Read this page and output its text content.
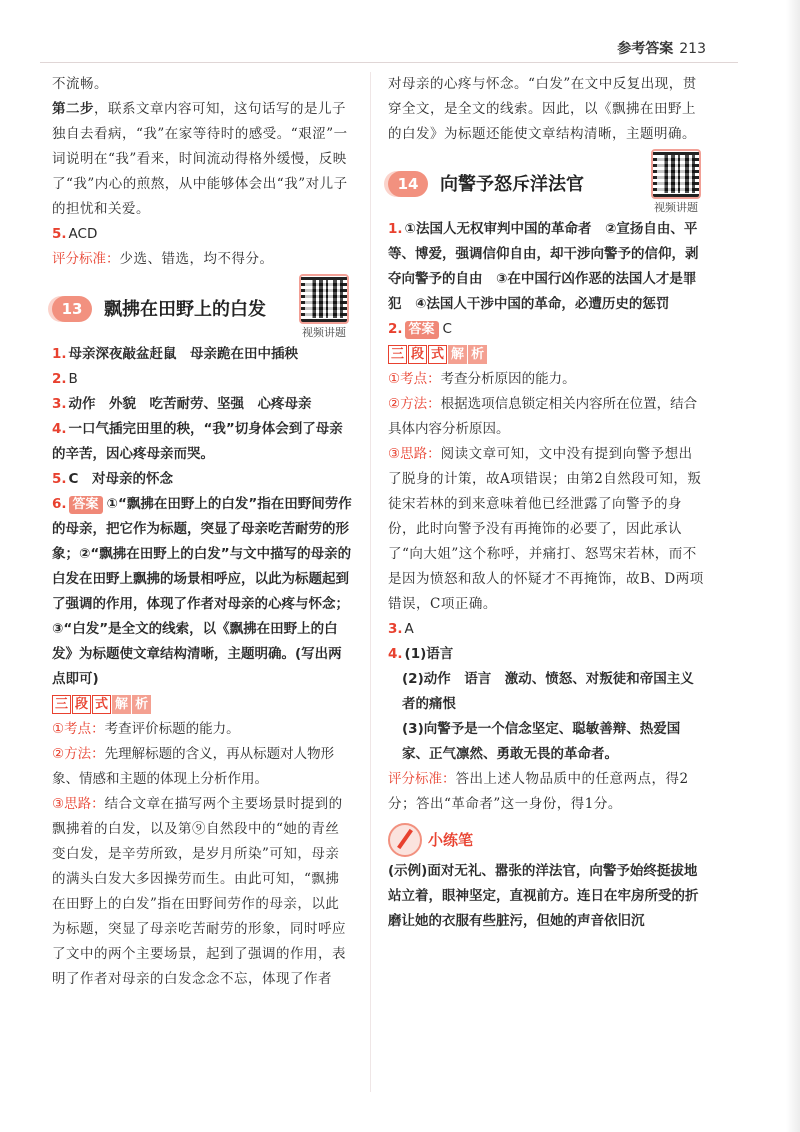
参考答案 213

不流畅。

第二步，联系文章内容可知，这句话写的是儿子独自去看病，“我”在家等待时的感受。“艰涩”一词说明在“我”看来，时间流动得格外缓慢，反映了“我”内心的煎熬，从中能够体会出“我”对儿子的担忧和关爱。

5. ACD

评分标准：少选、错选，均不得分。

13	飘拂在田野上的白发
视频讲题

1. 母亲深夜敲盆赶鼠　母亲跪在田中插秧

2. B

3. 动作　外貌　吃苦耐劳、坚强　心疼母亲

4. 一口气插完田里的秧，“我”切身体会到了母亲的辛苦，因心疼母亲而哭。

5. C　对母亲的怀念

6. 答案 ①“飘拂在田野上的白发”指在田野间劳作的母亲，把它作为标题，突显了母亲吃苦耐劳的形象；②“飘拂在田野上的白发”与文中描写的母亲的白发在田野上飘拂的场景相呼应，以此为标题起到了强调的作用，体现了作者对母亲的心疼与怀念；③“白发”是全文的线索，以《飘拂在田野上的白发》为标题使文章结构清晰，主题明确。(写出两点即可)

三 段 式 解 析

①考点：考查评价标题的能力。

②方法：先理解标题的含义，再从标题对人物形象、情感和主题的体现上分析作用。

③思路：结合文章在描写两个主要场景时提到的飘拂着的白发，以及第⑨自然段中的“她的青丝变白发，是辛劳所致，是岁月所染”可知，母亲的满头白发大多因操劳而生。由此可知，“飘拂在田野上的白发”指在田野间劳作的母亲，以此为标题，突显了母亲吃苦耐劳的形象，同时呼应了文中的两个主要场景，起到了强调的作用，表明了作者对母亲的白发念念不忘，体现了作者

对母亲的心疼与怀念。“白发”在文中反复出现，贯穿全文，是全文的线索。因此，以《飘拂在田野上的白发》为标题还能使文章结构清晰，主题明确。

14	向警予怒斥洋法官
视频讲题

1. ①法国人无权审判中国的革命者　②宣扬自由、平等、博爱，强调信仰自由，却干涉向警予的信仰，剥夺向警予的自由　③在中国行凶作恶的法国人才是罪犯　④法国人干涉中国的革命，必遭历史的惩罚

2. 答案 C

三 段 式 解 析

①考点：考查分析原因的能力。

②方法：根据选项信息锁定相关内容所在位置，结合具体内容分析原因。

③思路：阅读文章可知，文中没有提到向警予想出了脱身的计策，故A项错误；由第2自然段可知，叛徒宋若林的到来意味着他已经泄露了向警予的身份，此时向警予没有再掩饰的必要了，因此承认了“向大姐”这个称呼，并痛打、怒骂宋若林，而不是因为愤怒和敌人的怀疑才不再掩饰，故B、D两项错误，C项正确。

3. A

4. (1)语言

(2)动作　语言　激动、愤怒、对叛徒和帝国主义者的痛恨

(3)向警予是一个信念坚定、聪敏善辩、热爱国家、正气凛然、勇敢无畏的革命者。

评分标准：答出上述人物品质中的任意两点，得2分；答出“革命者”这一身份，得1分。

小练笔

(示例)面对无礼、嚣张的洋法官，向警予始终挺拔地站立着，眼神坚定，直视前方。连日在牢房所受的折磨让她的衣服有些脏污，但她的声音依旧沉
